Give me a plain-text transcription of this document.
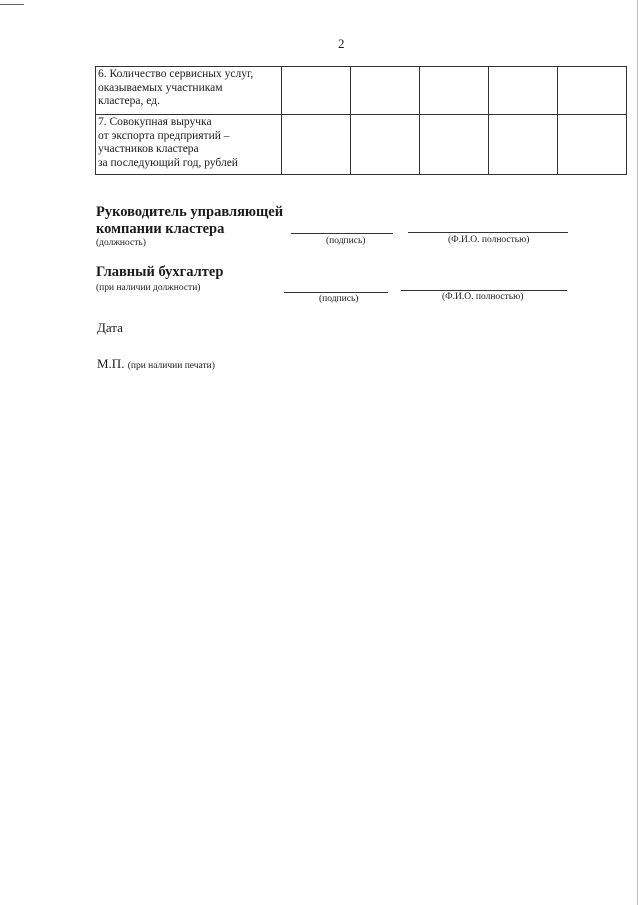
2
6. Количество сервисных услуг,
оказываемых участникам
кластера, ед.					

7. Совокупная выручка
от экспорта предприятий –
участников кластера
за последующий год, рублей					

Руководитель управляющей
компании кластера
(должность)	(подпись)	(Ф.И.О. полностью)
Главный бухгалтер
(при наличии должности)
(подпись)	(Ф.И.О. полностью)
Дата
М.П. (при наличии печати)
